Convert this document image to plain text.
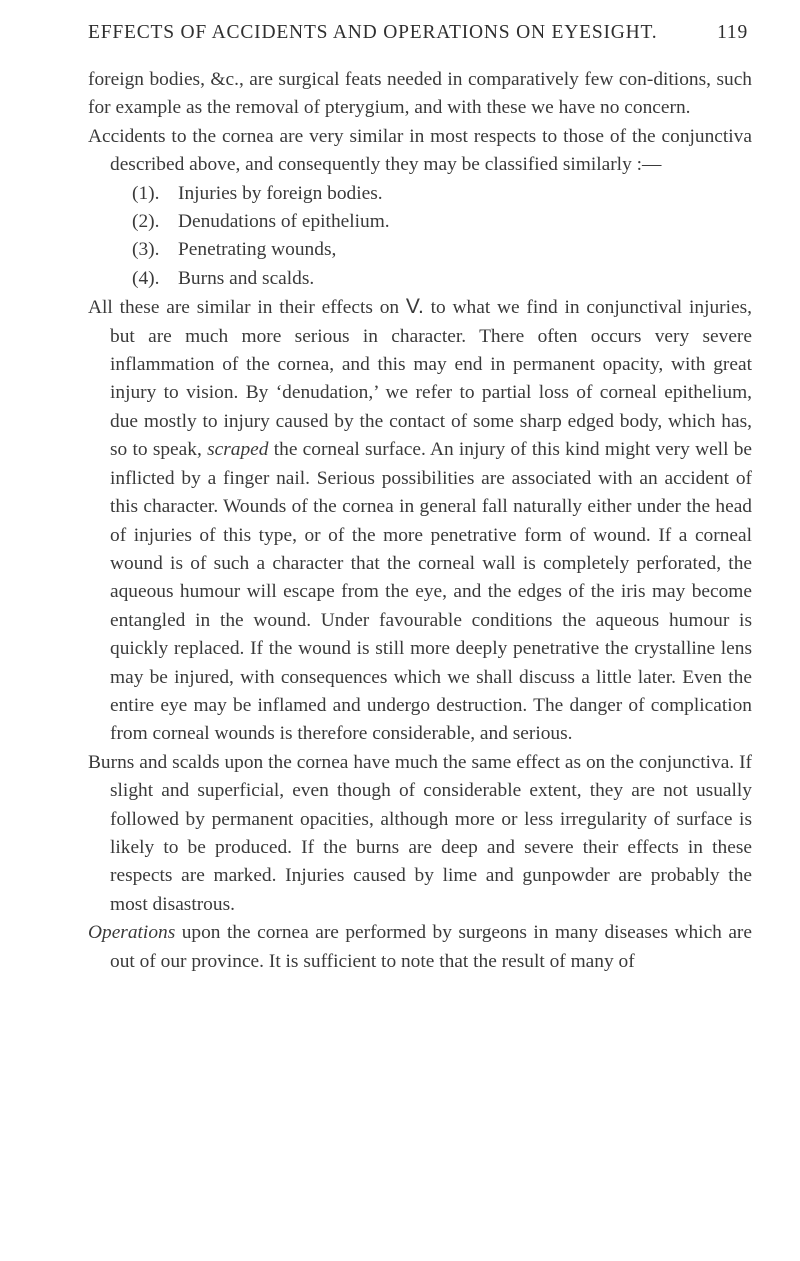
EFFECTS OF ACCIDENTS AND OPERATIONS ON EYESIGHT.	119

foreign bodies, &c., are surgical feats needed in comparatively few con-ditions, such for example as the removal of pterygium, and with these we have no concern.

Accidents to the cornea are very similar in most respects to those of the conjunctiva described above, and consequently they may be classified similarly :—

(1). Injuries by foreign bodies.
(2). Denudations of epithelium.
(3). Penetrating wounds,
(4). Burns and scalds.

All these are similar in their effects on V. to what we find in conjunctival injuries, but are much more serious in character. There often occurs very severe inflammation of the cornea, and this may end in permanent opacity, with great injury to vision. By ‘denudation,’ we refer to partial loss of corneal epithelium, due mostly to injury caused by the contact of some sharp edged body, which has, so to speak, scraped the corneal surface. An injury of this kind might very well be inflicted by a finger nail. Serious possibilities are associated with an accident of this character. Wounds of the cornea in general fall naturally either under the head of injuries of this type, or of the more penetrative form of wound. If a corneal wound is of such a character that the corneal wall is completely perforated, the aqueous humour will escape from the eye, and the edges of the iris may become entangled in the wound. Under favourable conditions the aqueous humour is quickly replaced. If the wound is still more deeply penetrative the crystalline lens may be injured, with consequences which we shall discuss a little later. Even the entire eye may be inflamed and undergo destruction. The danger of complication from corneal wounds is therefore considerable, and serious.

Burns and scalds upon the cornea have much the same effect as on the conjunctiva. If slight and superficial, even though of considerable extent, they are not usually followed by permanent opacities, although more or less irregularity of surface is likely to be produced. If the burns are deep and severe their effects in these respects are marked. Injuries caused by lime and gunpowder are probably the most disastrous.

Operations upon the cornea are performed by surgeons in many diseases which are out of our province. It is sufficient to note that the result of many of
